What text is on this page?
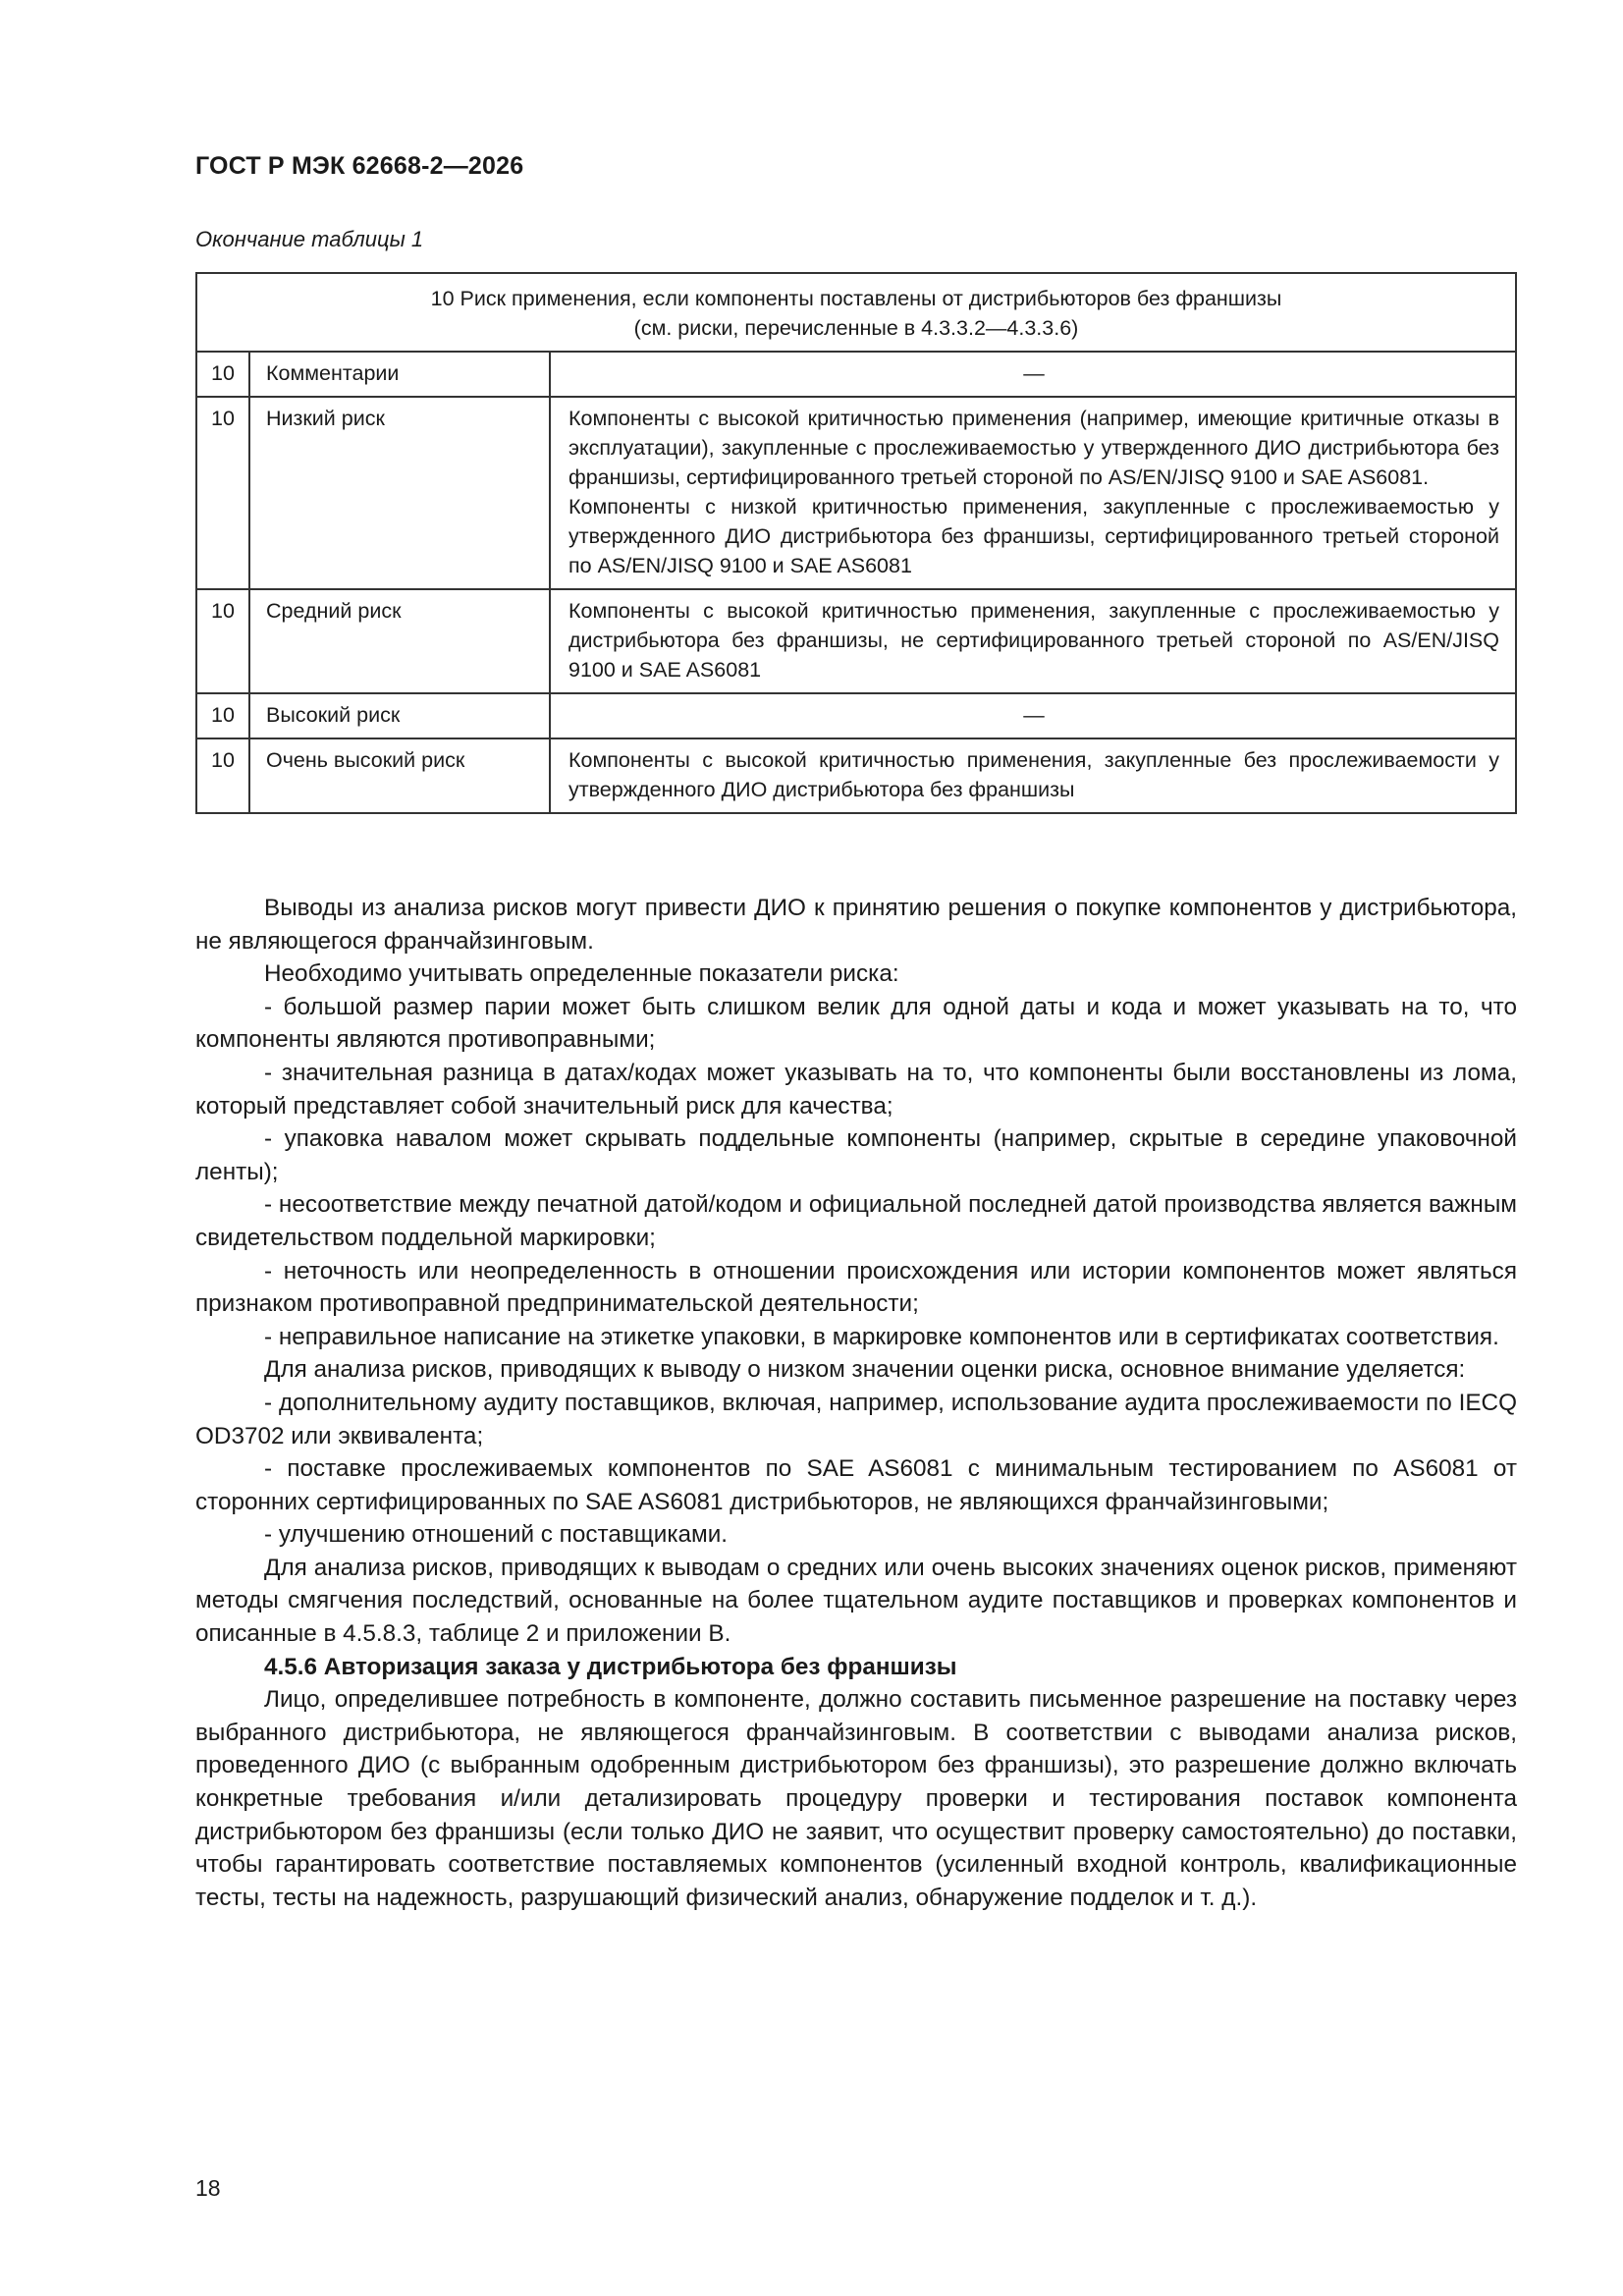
ГОСТ Р МЭК 62668-2—2026
Окончание таблицы 1
10 Риск применения, если компоненты поставлены от дистрибьюторов без франшизы
(см. риски, перечисленные в 4.3.3.2—4.3.3.6)		

10	Комментарии	—
10	Низкий риск	Компоненты с высокой критичностью применения (например, имеющие критичные отказы в эксплуатации), закупленные с прослеживаемостью у утвержденного ДИО дистрибьютора без франшизы, сертифицированного третьей стороной по AS/EN/JISQ 9100 и SAE AS6081.
Компоненты с низкой критичностью применения, закупленные с прослеживаемостью у утвержденного ДИО дистрибьютора без франшизы, сертифицированного третьей стороной по AS/EN/JISQ 9100 и SAE AS6081

10	Средний риск	Компоненты с высокой критичностью применения, закупленные с прослеживаемостью у дистрибьютора без франшизы, не сертифицированного третьей стороной по AS/EN/JISQ 9100 и SAE AS6081
10	Высокий риск	—
10	Очень высокий риск	Компоненты с высокой критичностью применения, закупленные без прослеживаемости у утвержденного ДИО дистрибьютора без франшизы

Выводы из анализа рисков могут привести ДИО к принятию решения о покупке компонентов у дистрибьютора, не являющегося франчайзинговым.

Необходимо учитывать определенные показатели риска:

- большой размер парии может быть слишком велик для одной даты и кода и может указывать на то, что компоненты являются противоправными;

- значительная разница в датах/кодах может указывать на то, что компоненты были восстановлены из лома, который представляет собой значительный риск для качества;

- упаковка навалом может скрывать поддельные компоненты (например, скрытые в середине упаковочной ленты);

- несоответствие между печатной датой/кодом и официальной последней датой производства является важным свидетельством поддельной маркировки;

- неточность или неопределенность в отношении происхождения или истории компонентов может являться признаком противоправной предпринимательской деятельности;

- неправильное написание на этикетке упаковки, в маркировке компонентов или в сертификатах соответствия.

Для анализа рисков, приводящих к выводу о низком значении оценки риска, основное внимание уделяется:

- дополнительному аудиту поставщиков, включая, например, использование аудита прослеживаемости по IECQ OD3702 или эквивалента;

- поставке прослеживаемых компонентов по SAE AS6081 с минимальным тестированием по AS6081 от сторонних сертифицированных по SAE AS6081 дистрибьюторов, не являющихся франчайзинговыми;

- улучшению отношений с поставщиками.

Для анализа рисков, приводящих к выводам о средних или очень высоких значениях оценок рисков, применяют методы смягчения последствий, основанные на более тщательном аудите поставщиков и проверках компонентов и описанные в 4.5.8.3, таблице 2 и приложении В.

4.5.6 Авторизация заказа у дистрибьютора без франшизы

Лицо, определившее потребность в компоненте, должно составить письменное разрешение на поставку через выбранного дистрибьютора, не являющегося франчайзинговым. В соответствии с выводами анализа рисков, проведенного ДИО (с выбранным одобренным дистрибьютором без франшизы), это разрешение должно включать конкретные требования и/или детализировать процедуру проверки и тестирования поставок компонента дистрибьютором без франшизы (если только ДИО не заявит, что осуществит проверку самостоятельно) до поставки, чтобы гарантировать соответствие поставляемых компонентов (усиленный входной контроль, квалификационные тесты, тесты на надежность, разрушающий физический анализ, обнаружение подделок и т. д.).

18
